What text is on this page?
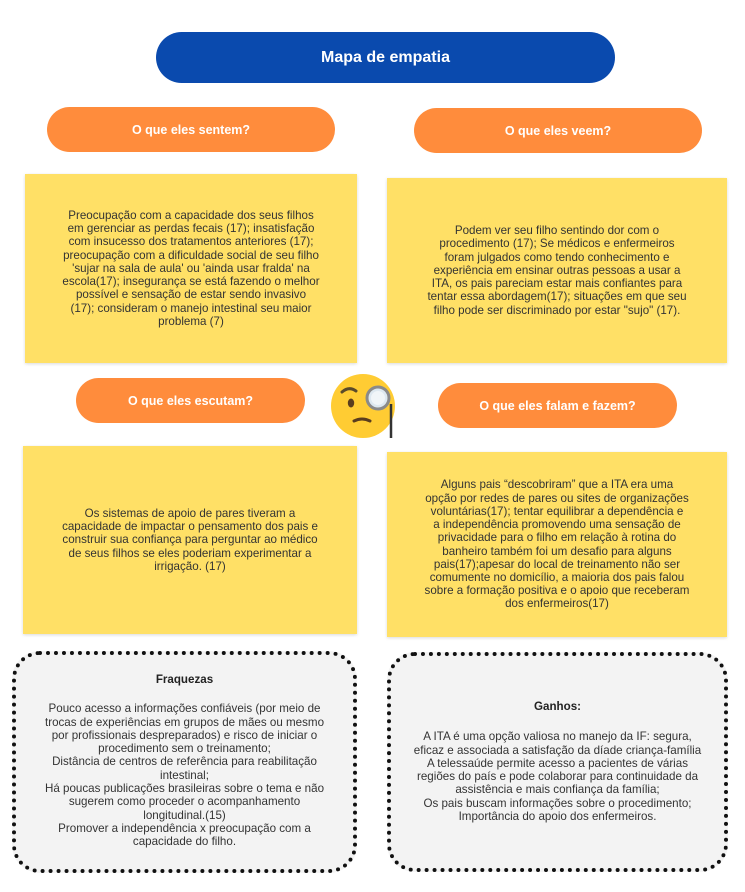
Mapa de empatia
O que eles sentem?	O que eles veem?

Preocupação com a capacidade dos seus filhos
em gerenciar as perdas fecais (17); insatisfação
com insucesso dos tratamentos anteriores (17);
preocupação com a dificuldade social de seu filho
'sujar na sala de aula' ou 'ainda usar fralda' na
escola(17); insegurança se está fazendo o melhor
possível e sensação de estar sendo invasivo
(17); consideram o manejo intestinal seu maior
problema (7)

Podem ver seu filho sentindo dor com o
procedimento (17); Se médicos e enfermeiros
foram julgados como tendo conhecimento e
experiência em ensinar outras pessoas a usar a
ITA, os pais pareciam estar mais confiantes para
tentar essa abordagem(17); situações em que seu
filho pode ser discriminado por estar "sujo" (17).

O que eles escutam?	O que eles falam e fazem?

Os sistemas de apoio de pares tiveram a
capacidade de impactar o pensamento dos pais e
construir sua confiança para perguntar ao médico
de seus filhos se eles poderiam experimentar a
irrigação. (17)

Alguns pais “descobriram” que a ITA era uma
opção por redes de pares ou sites de organizações
voluntárias(17); tentar equilibrar a dependência e
a independência promovendo uma sensação de
privacidade para o filho em relação à rotina do
banheiro também foi um desafio para alguns
pais(17);apesar do local de treinamento não ser
comumente no domicílio, a maioria dos pais falou
sobre a formação positiva e o apoio que receberam
dos enfermeiros(17)

Fraquezas
Pouco acesso a informações confiáveis (por meio de
trocas de experiências em grupos de mães ou mesmo
por profissionais despreparados) e risco de iniciar o
procedimento sem o treinamento;
Distância de centros de referência para reabilitação
intestinal;
Há poucas publicações brasileiras sobre o tema e não
sugerem como proceder o acompanhamento
longitudinal.(15)
Promover a independência x preocupação com a
capacidade do filho.
Ganhos:
A ITA é uma opção valiosa no manejo da IF: segura,
eficaz e associada a satisfação da díade criança-família
A telessaúde permite acesso a pacientes de várias
regiões do país e pode colaborar para continuidade da
assistência e mais confiança da família;
Os pais buscam informações sobre o procedimento;
Importância do apoio dos enfermeiros.
